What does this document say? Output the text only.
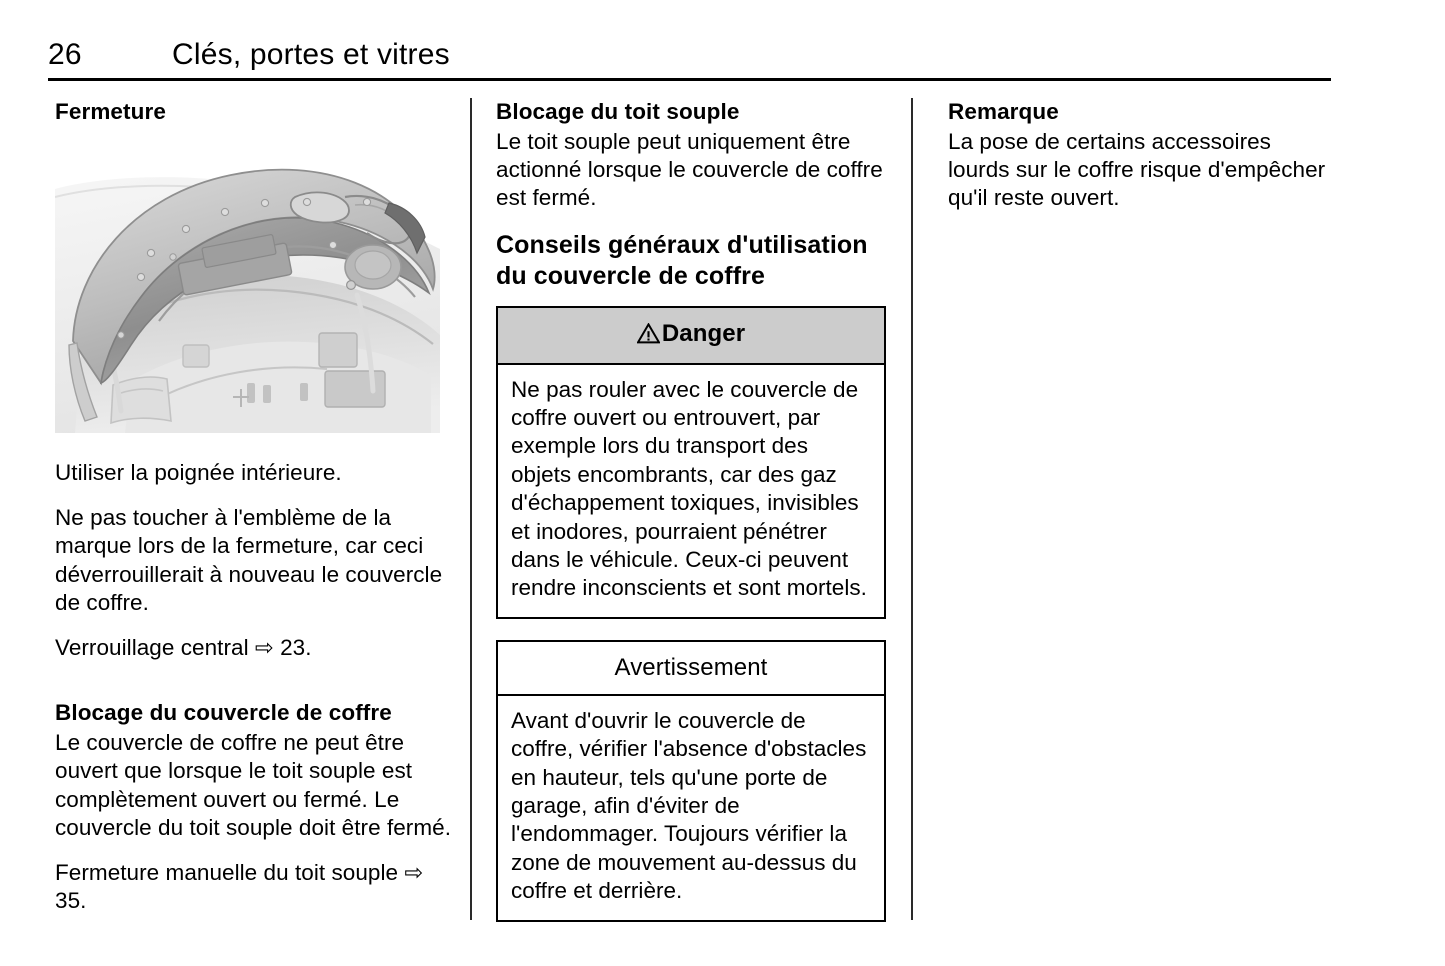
26	Clés, portes et vitres
Fermeture

Utiliser la poignée intérieure.

Ne pas toucher à l'emblème de la marque lors de la fermeture, car ceci déverrouillerait à nouveau le couvercle de coffre.

Verrouillage central ⇨ 23.

Blocage du couvercle de coffre

Le couvercle de coffre ne peut être ouvert que lorsque le toit souple est complètement ouvert ou fermé. Le couvercle du toit souple doit être fermé.

Fermeture manuelle du toit souple ⇨ 35.

Blocage du toit souple

Le toit souple peut uniquement être actionné lorsque le couvercle de coffre est fermé.

Conseils généraux d'utilisation du couvercle de coffre
Danger

Ne pas rouler avec le couvercle de coffre ouvert ou entrouvert, par exemple lors du transport des objets encombrants, car des gaz d'échappement toxiques, invisibles et inodores, pourraient pénétrer dans le véhicule. Ceux-ci peuvent rendre inconscients et sont mortels.

Avertissement

Avant d'ouvrir le couvercle de coffre, vérifier l'absence d'obstacles en hauteur, tels qu'une porte de garage, afin d'éviter de l'endommager. Toujours vérifier la zone de mouvement au-dessus du coffre et derrière.

Remarque

La pose de certains accessoires lourds sur le coffre risque d'empêcher qu'il reste ouvert.
